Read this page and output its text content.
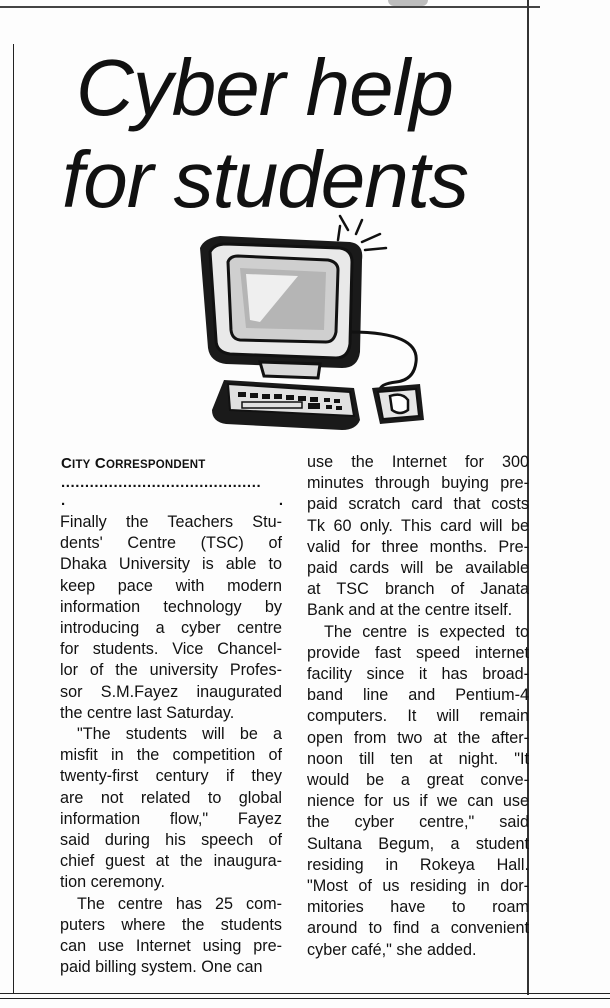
Cyber help
for students
CITY CORRESPONDENT
..........................................
.	.

Finally the Teachers Stu-
dents' Centre (TSC) of
Dhaka University is able to
keep pace with modern
information technology by
introducing a cyber centre
for students. Vice Chancel-
lor of the university Profes-
sor S.M.Fayez inaugurated
the centre last Saturday.

"The students will be a
misfit in the competition of
twenty-first century if they
are not related to global
information flow," Fayez
said during his speech of
chief guest at the inaugura-
tion ceremony.

The centre has 25 com-
puters where the students
can use Internet using pre-
paid billing system. One can

use the Internet for 300
minutes through buying pre-
paid scratch card that costs
Tk 60 only. This card will be
valid for three months. Pre-
paid cards will be available
at TSC branch of Janata
Bank and at the centre itself.

The centre is expected to
provide fast speed internet
facility since it has broad-
band line and Pentium-4
computers. It will remain
open from two at the after-
noon till ten at night. "It
would be a great conve-
nience for us if we can use
the cyber centre," said
Sultana Begum, a student
residing in Rokeya Hall.
"Most of us residing in dor-
mitories have to roam
around to find a convenient
cyber café," she added.
